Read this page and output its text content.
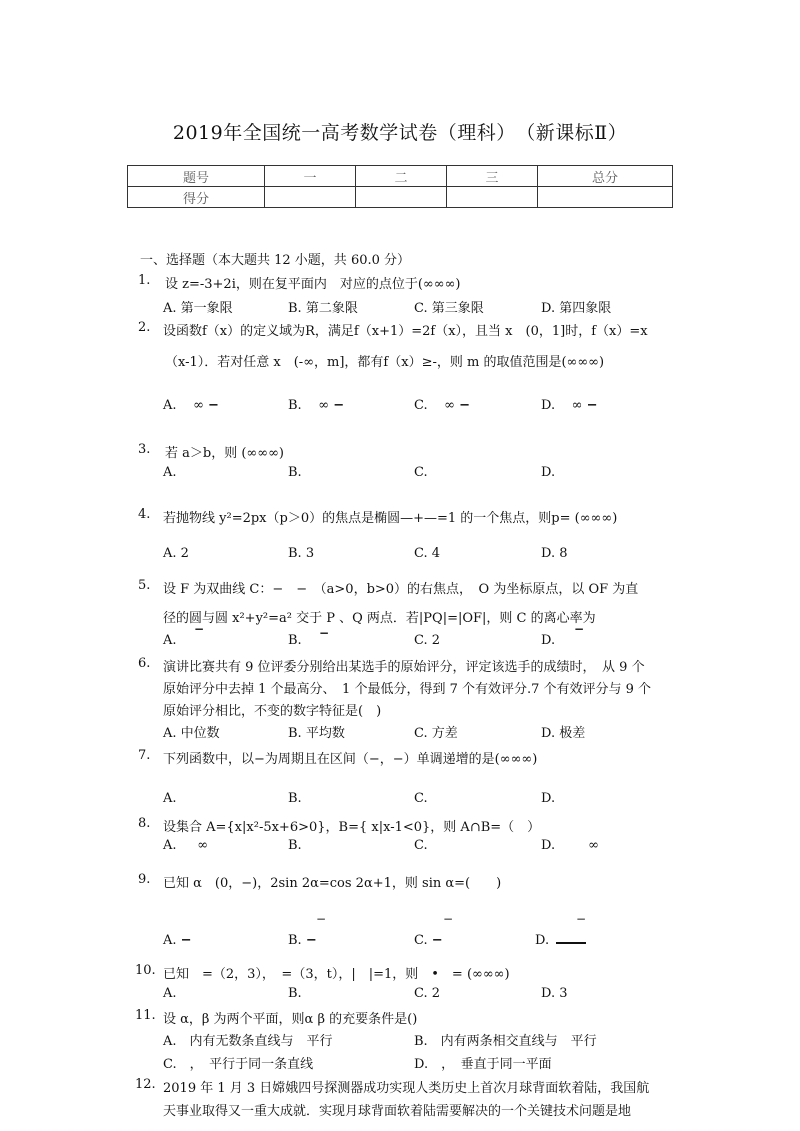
2019年全国统一高考数学试卷（理科）　（新课标Ⅱ）
题号	一	二	三	总分
得分				
一、选择题（本大题共 12 小题，共 60.0 分）
1. 设 z=-3+2i，则在复平面内　对应的点位于(∞∞∞)
A. 第一象限	B. 第二象限	C. 第三象限	D. 第四象限
2. 设函数f（x）的定义域为R，满足f（x+1）=2f（x），且当 x　(0，1]时，f（x）=x
（x-1）．若对任意 x　(-∞，m]，都有f（x）≥-，则 m 的取值范围是(∞∞∞)
A. ∞ −	B. ∞ −	C. ∞ −	D. ∞ −
3. 若 a＞b，则 (∞∞∞)
A.	B.	C.	D.
4. 若抛物线 y²=2px（p＞0）的焦点是椭圆—+—=1 的一个焦点，则p= (∞∞∞)
A. 2	B. 3	C. 4	D. 8
5. 设 F 为双曲线 C：−　−　（a>0，b>0）的右焦点，　O 为坐标原点，以 OF 为直
径的圆与圆 x²+y²=a² 交于 P 、Q 两点．若|PQ|=|OF|，则 C 的离心率为
A.
−
B. −	C. 2	D.
−
6. 演讲比赛共有 9 位评委分别给出某选手的原始评分，评定该选手的成绩时，　从 9 个
原始评分中去掉 1 个最高分、　1 个最低分，得到 7 个有效评分.7 个有效评分与 9 个
原始评分相比，不变的数字特征是(　)
A. 中位数	B. 平均数	C. 方差	D. 极差
7. 下列函数中，以−为周期且在区间（−，−）单调递增的是(∞∞∞)
A.	B.	C.	D.
8. 设集合 A={x|x²-5x+6>0}，B={ x|x-1<0}，则 A∩B=（　）
A. ∞	B.	C.	D.	∞
9. 已知 α　(0，−)，2sin 2α=cos 2α+1，则 sin α=(　　)
−	−	−
A. −	B. −	C. −	D.
10. 已知　=（2，3），　=（3，t），|　|=1，则　•　= (∞∞∞)
A.	B.	C. 2	D. 3
11. 设 α，β 为两个平面，则α β 的充要条件是()
A.　内有无数条直线与　平行	B.　内有两条相交直线与　平行
C.　，　平行于同一条直线	D.　，　垂直于同一平面
12. 2019 年 1 月 3 日嫦娥四号探测器成功实现人类历史上首次月球背面软着陆，我国航
天事业取得又一重大成就．实现月球背面软着陆需要解决的一个关键技术问题是地
